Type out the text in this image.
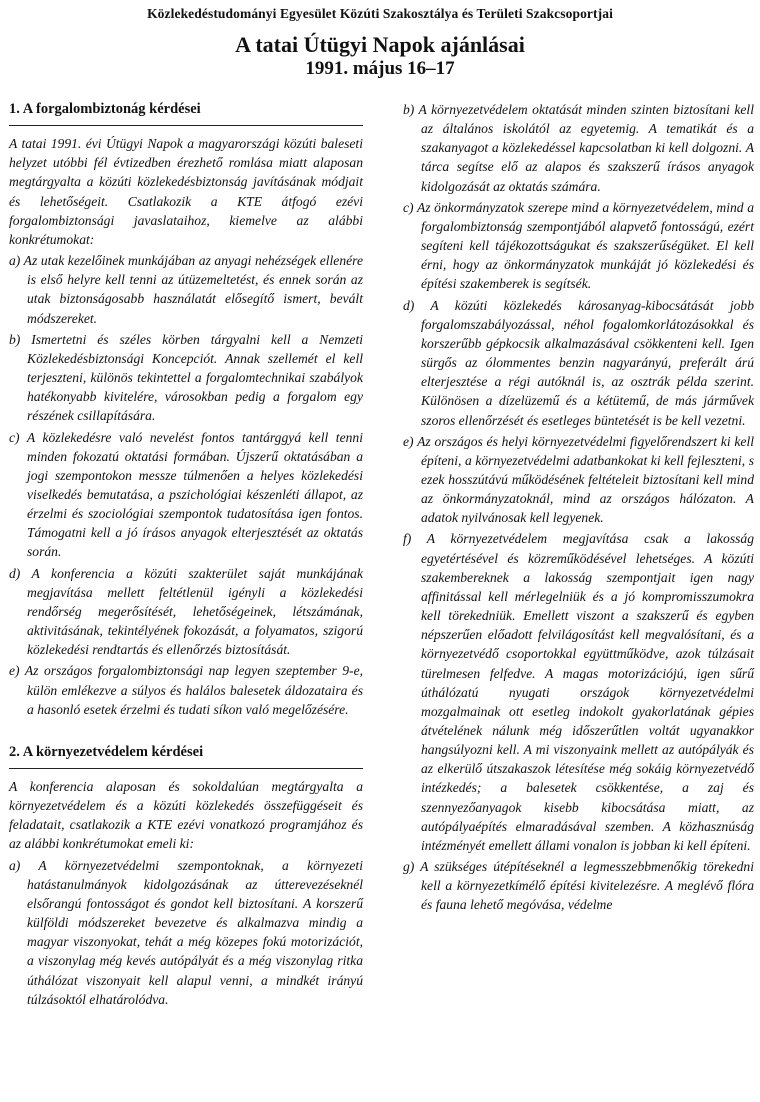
Közlekedéstudományi Egyesület Közúti Szakosztálya és Területi Szakcsoportjai
A tatai Útügyi Napok ajánlásai
1991. május 16–17
1. A forgalombiztonág kérdései
A tatai 1991. évi Útügyi Napok a magyarországi közúti baleseti helyzet utóbbi fél évtizedben érezhető romlása miatt alaposan megtárgyalta a közúti közlekedésbiztonság javításának módjait és lehetőségeit. Csatlakozik a KTE átfogó ezévi forgalombiztonsági javaslataihoz, kiemelve az alábbi konkrétumokat:
a) Az utak kezelőinek munkájában az anyagi nehézségek ellenére is első helyre kell tenni az útüzemeltetést, és ennek során az utak biztonságosabb használatát elősegítő ismert, bevált módszereket.
b) Ismertetni és széles körben tárgyalni kell a Nemzeti Közlekedésbiztonsági Koncepciót. Annak szellemét el kell terjeszteni, különös tekintettel a forgalomtechnikai szabályok hatékonyabb kivitelére, városokban pedig a forgalom egy részének csillapítására.
c) A közlekedésre való nevelést fontos tantárggyá kell tenni minden fokozatú oktatási formában. Újszerű oktatásában a jogi szempontokon messze túlmenően a helyes közlekedési viselkedés bemutatása, a pszichológiai készenléti állapot, az érzelmi és szociológiai szempontok tudatosítása igen fontos. Támogatni kell a jó írásos anyagok elterjesztését az oktatás során.
d) A konferencia a közúti szakterület saját munkájának megjavítása mellett feltétlenül igényli a közlekedési rendőrség megerősítését, lehetőségeinek, létszámának, aktivitásának, tekintélyének fokozását, a folyamatos, szigorú közlekedési rendtartás és ellenőrzés biztosítását.
e) Az országos forgalombiztonsági nap legyen szeptember 9-e, külön emlékezve a súlyos és halálos balesetek áldozataira és a hasonló esetek érzelmi és tudati síkon való megelőzésére.
2. A környezetvédelem kérdései
A konferencia alaposan és sokoldalúan megtárgyalta a környezetvédelem és a közúti közlekedés összefüggéseit és feladatait, csatlakozik a KTE ezévi vonatkozó programjához és az alábbi konkrétumokat emeli ki:
a) A környezetvédelmi szempontoknak, a környezeti hatástanulmányok kidolgozásának az útterevezéseknél elsőrangú fontosságot és gondot kell biztosítani. A korszerű külföldi módszereket bevezetve és alkalmazva mindig a magyar viszonyokat, tehát a még közepes fokú motorizációt, a viszonylag még kevés autópályát és a még viszonylag ritka úthálózat viszonyait kell alapul venni, a mindkét irányú túlzásoktól elhatárolódva.
b) A környezetvédelem oktatását minden szinten biztosítani kell az általános iskolától az egyetemig. A tematikát és a szakanyagot a közlekedéssel kapcsolatban ki kell dolgozni. A tárca segítse elő az alapos és szakszerű írásos anyagok kidolgozását az oktatás számára.
c) Az önkormányzatok szerepe mind a környezetvédelem, mind a forgalombiztonság szempontjából alapvető fontosságú, ezért segíteni kell tájékozottságukat és szakszerűségüket. El kell érni, hogy az önkormányzatok munkáját jó közlekedési és építési szakemberek is segítsék.
d) A közúti közlekedés károsanyag-kibocsátását jobb forgalomszabályozással, néhol fogalomkorlátozásokkal és korszerűbb gépkocsik alkalmazásával csökkenteni kell. Igen sürgős az ólommentes benzin nagyarányú, preferált árú elterjesztése a régi autóknál is, az osztrák példa szerint. Különösen a dízelüzemű és a kétütemű, de más járművek szoros ellenőrzését és esetleges büntetését is be kell vezetni.
e) Az országos és helyi környezetvédelmi figyelőrendszert ki kell építeni, a környezetvédelmi adatbankokat ki kell fejleszteni, s ezek hosszútávú működésének feltételeit biztosítani kell mind az önkormányzatoknál, mind az országos hálózaton. A adatok nyilvánosak kell legyenek.
f) A környezetvédelem megjavítása csak a lakosság egyetértésével és közreműködésével lehetséges. A közúti szakembereknek a lakosság szempontjait igen nagy affinitással kell mérlegelniük és a jó kompromisszumokra kell törekedniük. Emellett viszont a szakszerű és egyben népszerűen előadott felvilágosítást kell megvalósítani, és a környezetvédő csoportokkal együttműködve, azok túlzásait türelmesen felfedve. A magas motorizációjú, igen sűrű úthálózatú nyugati országok környezetvédelmi mozgalmainak ott esetleg indokolt gyakorlatának gépies átvételének nálunk még időszerűtlen voltát ugyanakkor hangsúlyozni kell. A mi viszonyaink mellett az autópályák és az elkerülő útszakaszok létesítése még sokáig környezetvédő intézkedés; a balesetek csökkentése, a zaj és szennyezőanyagok kisebb kibocsátása miatt, az autópályaépítés elmaradásával szemben. A közhasznúság intézményét emellett állami vonalon is jobban ki kell építeni.
g) A szükséges útépítéseknél a legmesszebbmenőkig törekedni kell a környezetkímélő építési kivitelezésre. A meglévő flóra és fauna lehető megóvása, védelme
